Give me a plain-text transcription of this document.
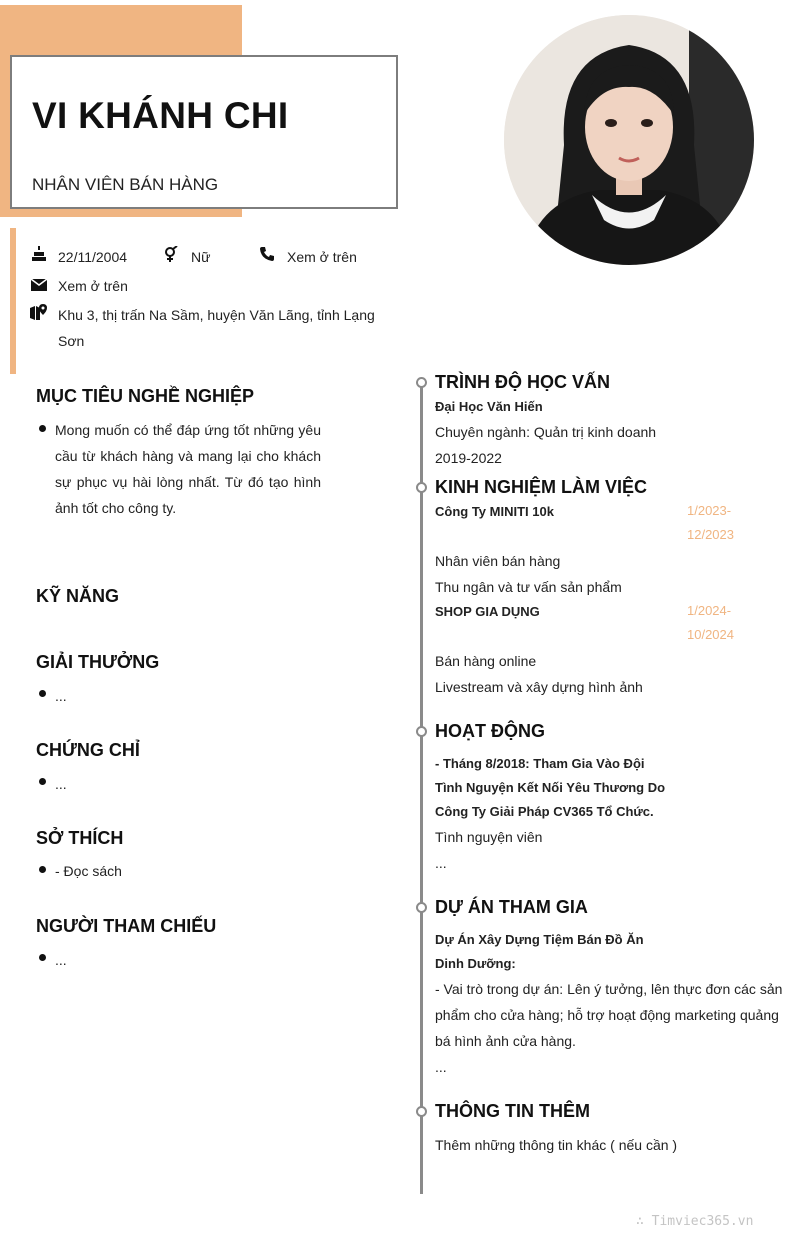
VI KHÁNH CHI
NHÂN VIÊN BÁN HÀNG
22/11/2004	Nữ	Xem ở trên
Xem ở trên
Khu 3, thị trấn Na Sầm, huyện Văn Lãng, tỉnh Lạng
Sơn
MỤC TIÊU NGHỀ NGHIỆP
Mong muốn có thể đáp ứng tốt những yêu cầu từ khách hàng và mang lại cho khách sự phục vụ hài lòng nhất. Từ đó tạo hình ảnh tốt cho công ty.
KỸ NĂNG
GIẢI THƯỞNG
...
CHỨNG CHỈ
...
SỞ THÍCH
- Đọc sách
NGƯỜI THAM CHIẾU
...
TRÌNH ĐỘ HỌC VẤN
Đại Học Văn Hiến
Chuyên ngành: Quản trị kinh doanh
2019-2022
KINH NGHIỆM LÀM VIỆC
Công Ty MINITI 10k	1/2023-
12/2023
Nhân viên bán hàng
Thu ngân và tư vấn sản phẩm
SHOP GIA DỤNG	1/2024-
10/2024
Bán hàng online
Livestream và xây dựng hình ảnh
HOẠT ĐỘNG
- Tháng 8/2018: Tham Gia Vào Đội
Tình Nguyện Kết Nối Yêu Thương Do
Công Ty Giải Pháp CV365 Tổ Chức.
Tình nguyện viên
...
DỰ ÁN THAM GIA
Dự Án Xây Dựng Tiệm Bán Đồ Ăn
Dinh Dưỡng:
- Vai trò trong dự án: Lên ý tưởng, lên thực đơn các sản
phẩm cho cửa hàng; hỗ trợ hoạt động marketing quảng
bá hình ảnh cửa hàng.
...
THÔNG TIN THÊM
Thêm những thông tin khác ( nếu cần )
∴ Timviec365.vn
